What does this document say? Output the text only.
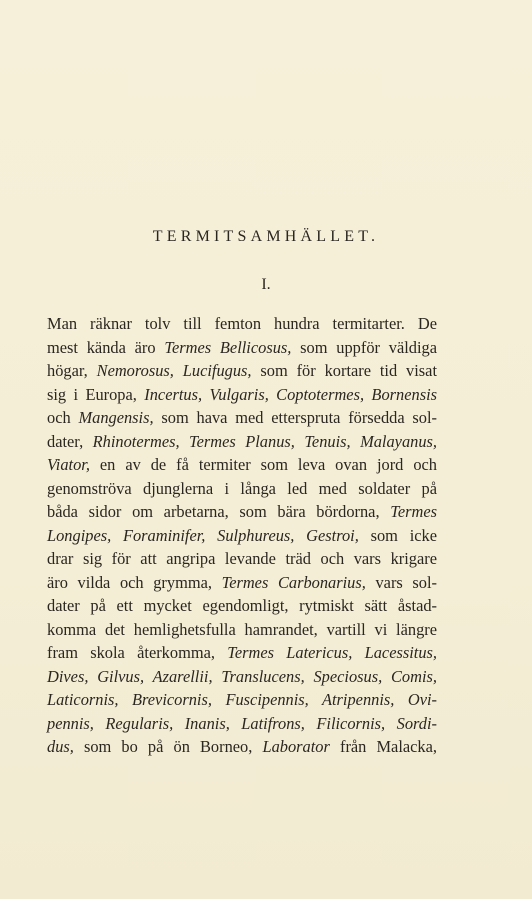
TERMITSAMHÄLLET.

I.

Man räknar tolv till femton hundra termitarter. De
mest kända äro Termes Bellicosus, som uppför väldiga
högar, Nemorosus, Lucifugus, som för kortare tid visat
sig i Europa, Incertus, Vulgaris, Coptotermes, Bornensis
och Mangensis, som hava med ettersprutа försedda sol-
dater, Rhinotermes, Termes Planus, Tenuis, Malayanus,
Viator, en av de få termiter som leva ovan jord och
genomströva djunglerna i långa led med soldater på
båda sidor om arbetarna, som bära bördorna, Termes
Longipes, Foraminifer, Sulphureus, Gestroi, som icke
drar sig för att angripa levande träd och vars krigare
äro vilda och grymma, Termes Carbonarius, vars sol-
dater på ett mycket egendomligt, rytmiskt sätt åstad-
komma det hemlighetsfulla hamrandet, vartill vi längre
fram skola återkomma, Termes Latericus, Lacessitus,
Dives, Gilvus, Azarellii, Translucens, Speciosus, Comis,
Laticornis, Brevicornis, Fuscipennis, Atripennis, Ovi-
pennis, Regularis, Inanis, Latifrons, Filicornis, Sordi-
dus, som bo på ön Borneo, Laborator från Malacka,
